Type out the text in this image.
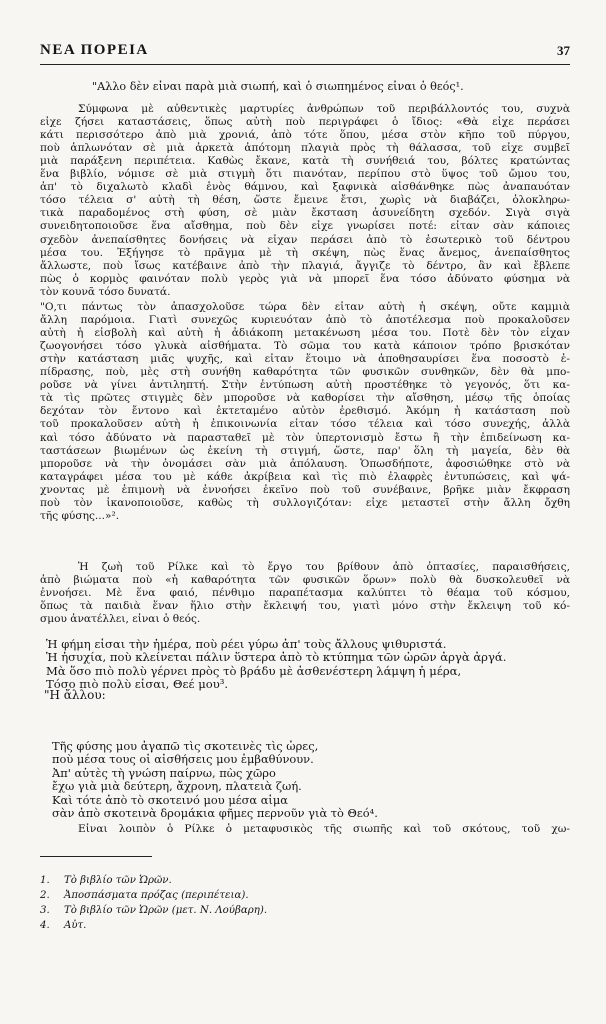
ΝΕΑ ΠΟΡΕΙΑ	37
"Αλλο δὲν εἶναι παρὰ μιὰ σιωπή, καὶ ὁ σιωπημένος εἶναι ὁ θεός¹.
Σύμφωνα μὲ αὐθεντικὲς μαρτυρίες ἀνθρώπων τοῦ περιβάλλοντός του, συχνὰ
εἶχε ζήσει καταστάσεις, ὅπως αὐτὴ ποὺ περιγράφει ὁ ἴδιος: «Θὰ εἶχε περάσει
κάτι περισσότερο ἀπὸ μιὰ χρονιά, ἀπὸ τότε ὅπου, μέσα στὸν κῆπο τοῦ πύργου,
ποὺ ἁπλωνόταν σὲ μιὰ ἀρκετὰ ἀπότομη πλαγιὰ πρὸς τὴ θάλασσα, τοῦ εἶχε συμβεῖ
μιὰ παράξενη περιπέτεια. Καθὼς ἔκανε, κατὰ τὴ συνήθειά του, βόλτες κρατώντας
ἕνα βιβλίο, νόμισε σὲ μιὰ στιγμὴ ὅτι πιανόταν, περίπου στὸ ὕψος τοῦ ὤμου του,
ἀπ' τὸ διχαλωτὸ κλαδὶ ἑνὸς θάμνου, καὶ ξαφνικὰ αἰσθάνθηκε πὼς ἀναπαυόταν
τόσο τέλεια σ' αὐτὴ τὴ θέση, ὥστε ἔμεινε ἔτσι, χωρὶς νὰ διαβάζει, ὁλοκληρω-
τικὰ παραδομένος στὴ φύση, σὲ μιὰν ἔκσταση ἀσυνείδητη σχεδόν. Σιγὰ σιγὰ
συνειδητοποιοῦσε ἕνα αἴσθημα, ποὺ δὲν εἶχε γνωρίσει ποτέ: εἶταν σὰν κάποιες
σχεδὸν ἀνεπαίσθητες δονήσεις νὰ εἶχαν περάσει ἀπὸ τὸ ἐσωτερικὸ τοῦ δέντρου
μέσα του. Ἐξήγησε τὸ πρᾶγμα μὲ τὴ σκέψη, πὼς ἕνας ἄνεμος, ἀνεπαίσθητος
ἄλλωστε, ποὺ ἴσως κατέβαινε ἀπὸ τὴν πλαγιά, ἄγγιζε τὸ δέντρο, ἂν καὶ ἔβλεπε
πὼς ὁ κορμὸς φαινόταν πολὺ γερὸς γιὰ νὰ μπορεῖ ἕνα τόσο ἀδύνατο φύσημα νὰ
τὸν κουνᾶ τόσο δυνατά.
"Ο,τι πάντως τὸν ἀπασχολοῦσε τώρα δὲν εἶταν αὐτὴ ἡ σκέψη, οὔτε καμμιὰ
ἄλλη παρόμοια. Γιατὶ συνεχῶς κυριευόταν ἀπὸ τὸ ἀποτέλεσμα ποὺ προκαλοῦσεν
αὐτὴ ἡ εἰσβολὴ καὶ αὐτὴ ἡ ἀδιάκοπη μετακένωση μέσα του. Ποτὲ δὲν τὸν εἶχαν
ζωογονήσει τόσο γλυκὰ αἰσθήματα. Τὸ σῶμα του κατὰ κάποιον τρόπο βρισκόταν
στὴν κατάσταση μιᾶς ψυχῆς, καὶ εἶταν ἕτοιμο νὰ ἀποθησαυρίσει ἕνα ποσοστὸ ἐ-
πίδρασης, ποὺ, μὲς στὴ συνήθη καθαρότητα τῶν φυσικῶν συνθηκῶν, δὲν θὰ μπο-
ροῦσε νὰ γίνει ἀντιληπτή. Στὴν ἐντύπωση αὐτὴ προστέθηκε τὸ γεγονός, ὅτι κα-
τὰ τὶς πρῶτες στιγμὲς δὲν μποροῦσε νὰ καθορίσει τὴν αἴσθηση, μέσῳ τῆς ὁποίας
δεχόταν τὸν ἔντονο καὶ ἐκτεταμένο αὐτὸν ἐρεθισμό. Ἀκόμη ἡ κατάσταση ποὺ
τοῦ προκαλοῦσεν αὐτὴ ἡ ἐπικοινωνία εἶταν τόσο τέλεια καὶ τόσο συνεχής, ἀλλὰ
καὶ τόσο ἀδύνατο νὰ παρασταθεῖ μὲ τὸν ὑπερτονισμὸ ἔστω ἢ τὴν ἐπιδείνωση κα-
ταστάσεων βιωμένων ὡς ἐκείνη τὴ στιγμή, ὥστε, παρ' ὅλη τὴ μαγεία, δὲν θὰ
μποροῦσε νὰ τὴν ὀνομάσει σὰν μιὰ ἀπόλαυση. Ὁπωσδήποτε, ἀφοσιώθηκε στὸ νὰ
καταγράφει μέσα του μὲ κάθε ἀκρίβεια καὶ τὶς πιὸ ἐλαφρὲς ἐντυπώσεις, καὶ ψά-
χνοντας μὲ ἐπιμονὴ νὰ ἐννοήσει ἐκεῖνο ποὺ τοῦ συνέβαινε, βρῆκε μιὰν ἔκφραση
ποὺ τὸν ἱκανοποιοῦσε, καθὼς τὴ συλλογιζόταν: εἶχε μεταστεῖ στὴν ἄλλη ὄχθη
τῆς φύσης...»².
Ἡ ζωὴ τοῦ Ρίλκε καὶ τὸ ἔργο του βρίθουν ἀπὸ ὀπτασίες, παραισθήσεις,
ἀπὸ βιώματα ποὺ «ἡ καθαρότητα τῶν φυσικῶν ὅρων» πολὺ θὰ δυσκολευθεῖ νὰ
ἐννοήσει. Μὲ ἕνα φαιό, πένθιμο παραπέτασμα καλύπτει τὸ θέαμα τοῦ κόσμου,
ὅπως τὰ παιδιὰ ἕναν ἥλιο στὴν ἔκλειψή του, γιατὶ μόνο στὴν ἔκλειψη τοῦ κό-
σμου ἀνατέλλει, εἶναι ὁ θεός.
Ἡ φήμη εἶσαι τὴν ἡμέρα, ποὺ ρέει γύρω ἀπ' τοὺς ἄλλους ψιθυριστά.
Ἡ ἡσυχία, ποὺ κλείνεται πάλιν ὕστερα ἀπὸ τὸ κτύπημα τῶν ὡρῶν ἀργὰ ἀργά.
Μὰ ὅσο πιὸ πολὺ γέρνει πρὸς τὸ βράδυ μὲ ἀσθενέστερη λάμψη ἡ μέρα,
Τόσο πιὸ πολὺ εἶσαι, Θεέ μου³.
Τῆς φύσης μου ἀγαπῶ τὶς σκοτεινὲς τὶς ὧρες,
ποὺ μέσα τους οἱ αἰσθήσεις μου ἐμβαθύνουν.
Ἀπ' αὐτὲς τὴ γνώση παίρνω, πὼς χῶρο
ἔχω γιὰ μιὰ δεύτερη, ἄχρονη, πλατειὰ ζωή.
Καὶ τότε ἀπὸ τὸ σκοτεινό μου μέσα αἷμα
σὰν ἀπὸ σκοτεινὰ δρομάκια φῆμες περνοῦν γιὰ τὸ Θεό⁴.
"Η ἄλλου:
Εἶναι λοιπὸν ὁ Ρίλκε ὁ μεταφυσικὸς τῆς σιωπῆς καὶ τοῦ σκότους, τοῦ χω-
1. Τὸ βιβλίο τῶν Ὡρῶν.
2. Ἀποσπάσματα πρόζας (περιπέτεια).
3. Τὸ βιβλίο τῶν Ὡρῶν (μετ. Ν. Λούβαρη).
4. Αὐτ.
